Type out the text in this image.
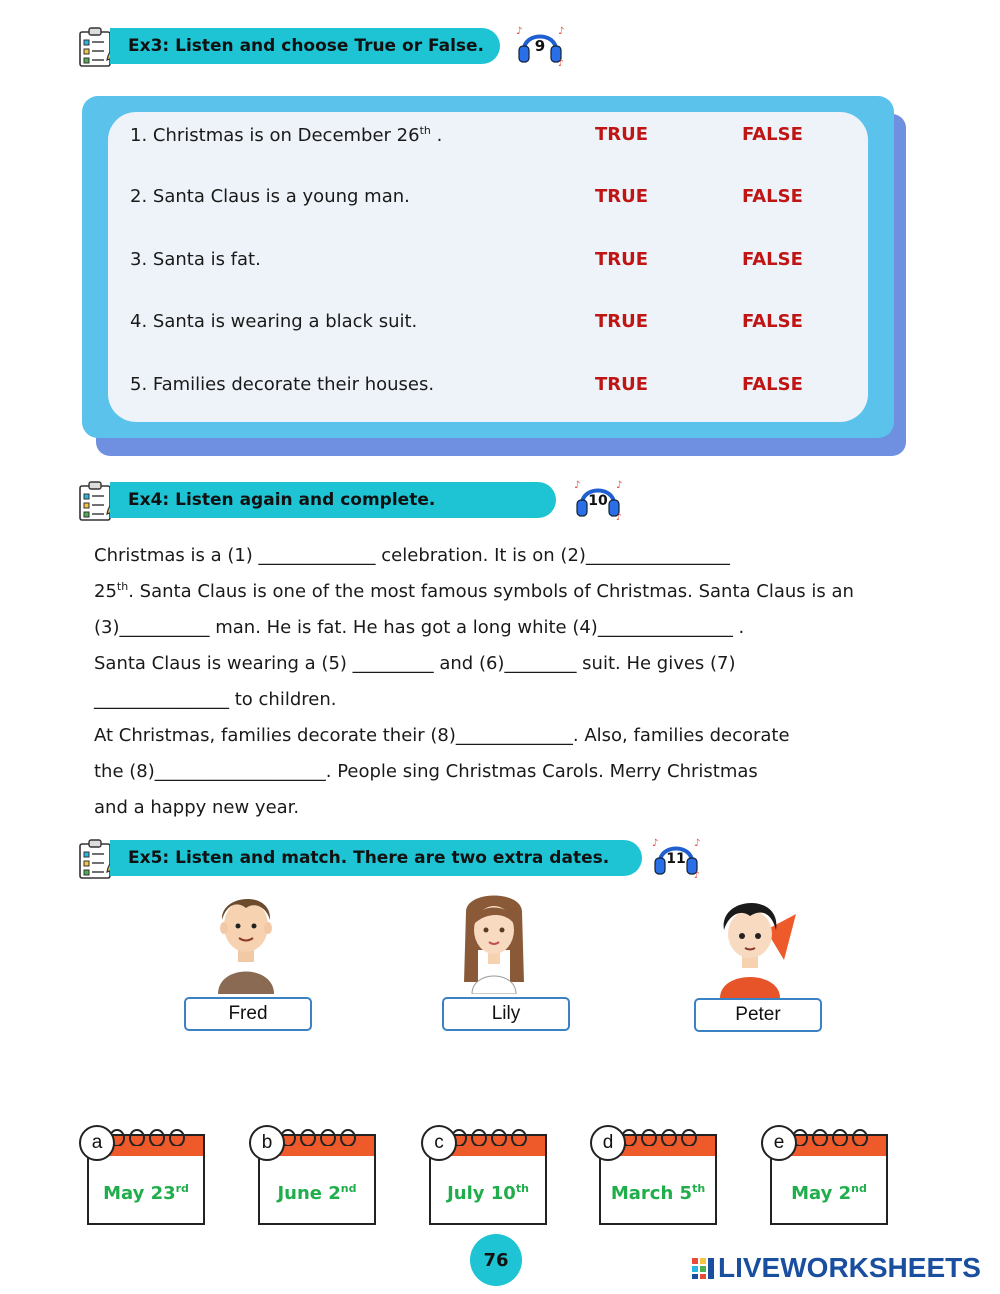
Ex3: Listen and choose True or False.	9
1. Christmas is on December 26th .	TRUE	FALSE
2. Santa Claus is a young man.	TRUE	FALSE
3. Santa is fat.	TRUE	FALSE
4. Santa is wearing a black suit.	TRUE	FALSE
5. Families decorate their houses.	TRUE	FALSE
Ex4: Listen again and complete.	10

Christmas is a (1) _____________ celebration. It is on (2)________________

25th. Santa Claus is one of the most famous symbols of Christmas. Santa Claus is an

(3)__________ man. He is fat. He has got a long white (4)_______________ .

Santa Claus is wearing a (5) _________ and (6)________ suit. He gives (7)

_______________ to children.

At Christmas, families decorate their (8)_____________. Also, families decorate

the (8)___________________. People sing Christmas Carols. Merry Christmas

and a happy new year.

Ex5: Listen and match. There are two extra dates.	11
Fred	Lily	Peter
May 23rd
a
June 2nd
b
July 10th
c
March 5th
d
May 2nd
e
76	LIVEWORKSHEETS
